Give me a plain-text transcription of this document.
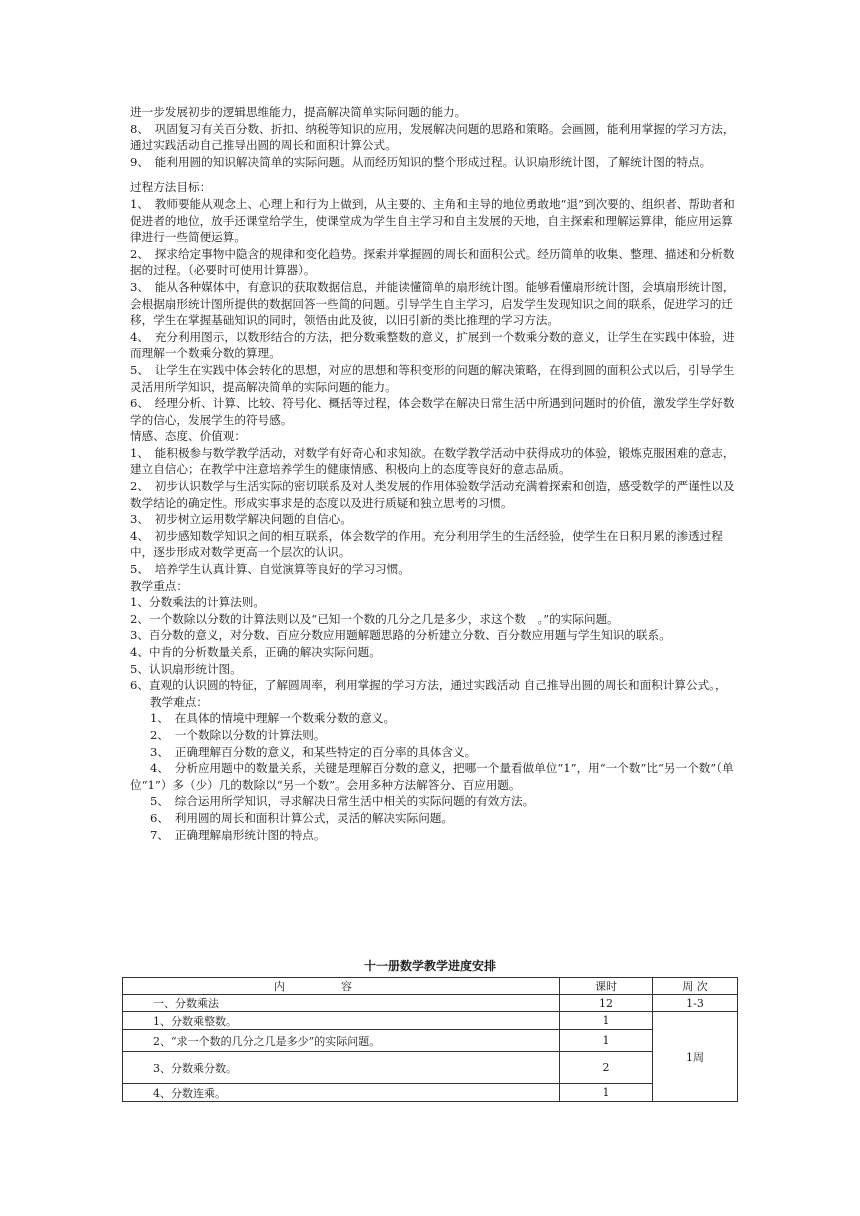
进一步发展初步的逻辑思维能力，提高解决简单实际问题的能力。

8、　巩固复习有关百分数、折扣、纳税等知识的应用，发展解决问题的思路和策略。会画圆，能利用掌握的学习方法，通过实践活动自己推导出圆的周长和面积计算公式。

9、　能利用圆的知识解决简单的实际问题。从而经历知识的整个形成过程。认识扇形统计图，了解统计图的特点。

过程方法目标：

1、　教师要能从观念上、心理上和行为上做到，从主要的、主角和主导的地位勇敢地“退”到次要的、组织者、帮助者和促进者的地位，放手还课堂给学生，使课堂成为学生自主学习和自主发展的天地，自主探索和理解运算律，能应用运算律进行一些简便运算。

2、　探求给定事物中隐含的规律和变化趋势。探索并掌握圆的周长和面积公式。经历简单的收集、整理、描述和分析数据的过程。（必要时可使用计算器）。

3、　能从各种媒体中，有意识的获取数据信息，并能读懂简单的扇形统计图。能够看懂扇形统计图，会填扇形统计图，会根据扇形统计图所提供的数据回答一些简的问题。引导学生自主学习，启发学生发现知识之间的联系，促进学习的迁移，学生在掌握基础知识的同时，领悟由此及彼，以旧引新的类比推理的学习方法。

4、　充分利用图示，以数形结合的方法，把分数乘整数的意义，扩展到一个数乘分数的意义，让学生在实践中体验，进而理解一个数乘分数的算理。

5、　让学生在实践中体会转化的思想，对应的思想和等积变形的问题的解决策略，在得到圆的面积公式以后，引导学生灵活用所学知识，提高解决简单的实际问题的能力。

6、　经理分析、计算、比较、符号化、概括等过程，体会数学在解决日常生活中所遇到问题时的价值，激发学生学好数学的信心，发展学生的符号感。

情感、态度、价值观：

1、　能积极参与数学教学活动，对数学有好奇心和求知欲。在数学教学活动中获得成功的体验，锻炼克服困难的意志，建立自信心；在教学中注意培养学生的健康情感、积极向上的态度等良好的意志品质。

2、　初步认识数学与生活实际的密切联系及对人类发展的作用体验数学活动充满着探索和创造，感受数学的严谨性以及数学结论的确定性。形成实事求是的态度以及进行质疑和独立思考的习惯。

3、　初步树立运用数学解决问题的自信心。

4、　初步感知数学知识之间的相互联系，体会数学的作用。充分利用学生的生活经验，使学生在日积月累的渗透过程中，逐步形成对数学更高一个层次的认识。

5、　培养学生认真计算、自觉演算等良好的学习习惯。

教学重点：

1、分数乘法的计算法则。

2、一个数除以分数的计算法则以及“已知一个数的几分之几是多少，求这个数　。”的实际问题。

3、百分数的意义，对分数、百应分数应用题解题思路的分析建立分数、百分数应用题与学生知识的联系。

4、中肯的分析数量关系，正确的解决实际问题。

5、认识扇形统计图。

6、直观的认识圆的特征，了解圆周率，利用掌握的学习方法，通过实践活动 自己推导出圆的周长和面积计算公式。，

教学难点：

1、　在具体的情境中理解一个数乘分数的意义。

2、　一个数除以分数的计算法则。

3、　正确理解百分数的意义，和某些特定的百分率的具体含义。

4、　分析应用题中的数量关系，关键是理解百分数的意义，把哪一个量看做单位“1”，用“一个数”比“另一个数”（单位“1”）多（少）几的数除以“另一个数”。会用多种方法解答分、百应用题。

5、　综合运用所学知识，寻求解决日常生活中相关的实际问题的有效方法。

6、　利用圆的周长和面积计算公式，灵活的解决实际问题。

7、　正确理解扇形统计图的特点。

十一册数学教学进度安排
内容	课时	周 次
一、分数乘法	12	1-3
1、分数乘整数。	1	1周
2、“求一个数的几分之几是多少”的实际问题。	1	
3、分数乘分数。	2	
4、分数连乘。	1	
